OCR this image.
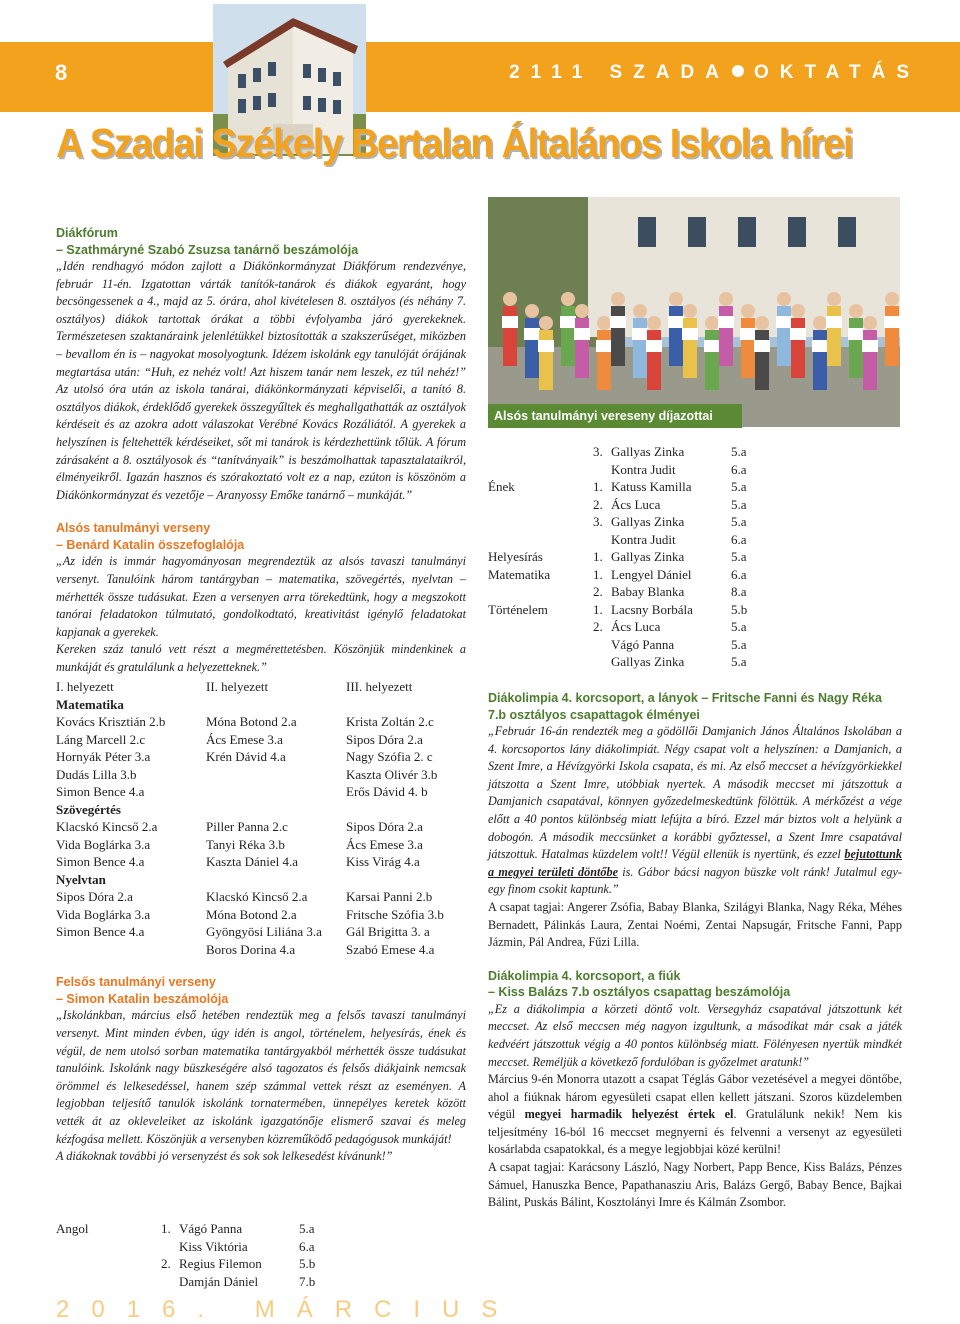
8	2111 SZADA OKTATÁS
A Szadai Székely Bertalan Általános Iskola hírei
Diákfórum
– Szathmáryné Szabó Zsuzsa tanárnő beszámolója
„Idén rendhagyó módon zajlott a Diákönkormányzat Diákfórum rendezvénye, február 11-én. Izgatottan várták tanítók-tanárok és diákok egyaránt, hogy becsöngessenek a 4., majd az 5. órára, ahol kivételesen 8. osztályos (és néhány 7. osztályos) diákok tartottak órákat a többi évfolyamba járó gyerekeknek. Természetesen szaktanáraink jelenlétükkel biztosították a szakszerűséget, miközben – bevallom én is – nagyokat mosolyogtunk. Idézem iskolánk egy tanulóját órájának megtartása után: “Huh, ez nehéz volt! Azt hiszem tanár nem leszek, ez túl nehéz!” Az utolsó óra után az iskola tanárai, diákönkormányzati képviselői, a tanító 8. osztályos diákok, érdeklődő gyerekek összegyűltek és meghallgathatták az osztályok kérdéseit és az azokra adott válaszokat Verébné Kovács Rozáliától. A gyerekek a helyszínen is feltehették kérdéseiket, sőt mi tanárok is kérdezhettünk tőlük. A fórum zárásaként a 8. osztályosok és “tanítványaik” is beszámolhattak tapasztalataikról, élményeikről. Igazán hasznos és szórakoztató volt ez a nap, ezúton is köszönöm a Diákönkormányzat és vezetője – Aranyossy Emőke tanárnő – munkáját.”
Alsós tanulmányi verseny
– Benárd Katalin összefoglalója
„Az idén is immár hagyományosan megrendeztük az alsós tavaszi tanulmányi versenyt. Tanulóink három tantárgyban – matematika, szövegértés, nyelvtan – mérhették össze tudásukat. Ezen a versenyen arra törekedtünk, hogy a megszokott tanórai feladatokon túlmutató, gondolkodtató, kreativitást igénylő feladatokat kapjanak a gyerekek.
Kereken száz tanuló vett részt a megmérettetésben. Köszönjük mindenkinek a munkáját és gratulálunk a helyezetteknek.”
I. helyezett	II. helyezett	III. helyezett
Matematika		
Kovács Krisztián 2.b	Móna Botond 2.a	Krista Zoltán 2.c
Láng Marcell 2.c	Ács Emese 3.a	Sipos Dóra 2.a
Hornyák Péter 3.a	Krén Dávid 4.a	Nagy Szófia 2. c
Dudás Lilla 3.b		Kaszta Olivér 3.b
Simon Bence 4.a		Erős Dávid 4. b
Szövegértés		
Klacskó Kincső 2.a	Piller Panna 2.c	Sipos Dóra 2.a
Vida Boglárka 3.a	Tanyi Réka 3.b	Ács Emese 3.a
Simon Bence 4.a	Kaszta Dániel 4.a	Kiss Virág 4.a
Nyelvtan		
Sipos Dóra 2.a	Klacskó Kincső 2.a	Karsai Panni 2.b
Vida Boglárka 3.a	Móna Botond 2.a	Fritsche Szófia 3.b
Simon Bence 4.a	Gyöngyösi Liliána 3.a	Gál Brigitta 3. a
	Boros Dorina 4.a	Szabó Emese 4.a
Felsős tanulmányi verseny
– Simon Katalin beszámolója
„Iskolánkban, március első hetében rendeztük meg a felsős tavaszi tanulmányi versenyt. Mint minden évben, úgy idén is angol, történelem, helyesírás, ének és végül, de nem utolsó sorban matematika tantárgyakból mérhették össze tudásukat tanulóink. Iskolánk nagy büszkeségére alsó tagozatos és felsős diákjaink nemcsak örömmel és lelkesedéssel, hanem szép számmal vettek részt az eseményen. A legjobban teljesítő tanulók iskolánk tornatermében, ünnepélyes keretek között vették át az okleveleiket az iskolánk igazgatónője elismerő szavai és meleg kézfogása mellett. Köszönjük a versenyben közreműködő pedagógusok munkáját!
A diákoknak további jó versenyzést és sok sok lelkesedést kívánunk!”
Angol	1.	Vágó Panna	5.a
		Kiss Viktória	6.a
	2.	Regius Filemon	5.b
		Damján Dániel	7.b
2016. MÁRCIUS
Alsós tanulmányi vereseny díjazottai
	3.	Gallyas Zinka	5.a
		Kontra Judit	6.a
Ének	1.	Katuss Kamilla	5.a
	2.	Ács Luca	5.a
	3.	Gallyas Zinka	5.a
		Kontra Judit	6.a
Helyesírás	1.	Gallyas Zinka	5.a
Matematika	1.	Lengyel Dániel	6.a
	2.	Babay Blanka	8.a
Történelem	1.	Lacsny Borbála	5.b
	2.	Ács Luca	5.a
		Vágó Panna	5.a
		Gallyas Zinka	5.a
Diákolimpia 4. korcsoport, a lányok – Fritsche Fanni és Nagy Réka 7.b osztályos csapattagok élményei
„Február 16-án rendezték meg a gödöllői Damjanich János Általános Iskolában a 4. korcsoportos lány diákolimpiát. Négy csapat volt a helyszínen: a Damjanich, a Szent Imre, a Hévízgyörki Iskola csapata, és mi. Az első meccset a hévízgyörkiekkel játszotta a Szent Imre, utóbbiak nyertek. A második meccset mi játszottuk a Damjanich csapatával, könnyen győzedelmeskedtünk fölöttük. A mérkőzést a vége előtt a 40 pontos különbség miatt lefújta a bíró. Ezzel már biztos volt a helyünk a dobogón. A második meccsünket a korábbi győztessel, a Szent Imre csapatával játszottuk. Hatalmas küzdelem volt!! Végül ellenük is nyertünk, és ezzel bejutottunk a megyei területi döntőbe is. Gábor bácsi nagyon büszke volt ránk! Jutalmul egy-egy finom csokit kaptunk.”
A csapat tagjai: Angerer Zsófia, Babay Blanka, Szilágyi Blanka, Nagy Réka, Méhes Bernadett, Pálinkás Laura, Zentai Noémi, Zentai Napsugár, Fritsche Fanni, Papp Jázmin, Pál Andrea, Fűzi Lilla.
Diákolimpia 4. korcsoport, a fiúk
– Kiss Balázs 7.b osztályos csapattag beszámolója
„Ez a diákolimpia a körzeti döntő volt. Versegyház csapatával játszottunk két meccset. Az első meccsen még nagyon izgultunk, a másodikat már csak a játék kedvéért játszottuk végig a 40 pontos különbség miatt. Fölényesen nyertük mindkét meccset. Reméljük a következő fordulóban is győzelmet aratunk!”
Március 9-én Monorra utazott a csapat Téglás Gábor vezetésével a megyei döntőbe, ahol a fiúknak három egyesületi csapat ellen kellett játszani. Szoros küzdelemben végül megyei harmadik helyezést értek el. Gratulálunk nekik! Nem kis teljesítmény 16-ból 16 meccset megnyerni és felvenni a versenyt az egyesületi kosárlabda csapatokkal, és a megye legjobbjai közé kerülni!
A csapat tagjai: Karácsony László, Nagy Norbert, Papp Bence, Kiss Balázs, Pénzes Sámuel, Hanuszka Bence, Papathanasziu Aris, Balázs Gergő, Babay Bence, Bajkai Bálint, Puskás Bálint, Kosztolányi Imre és Kálmán Zsombor.
